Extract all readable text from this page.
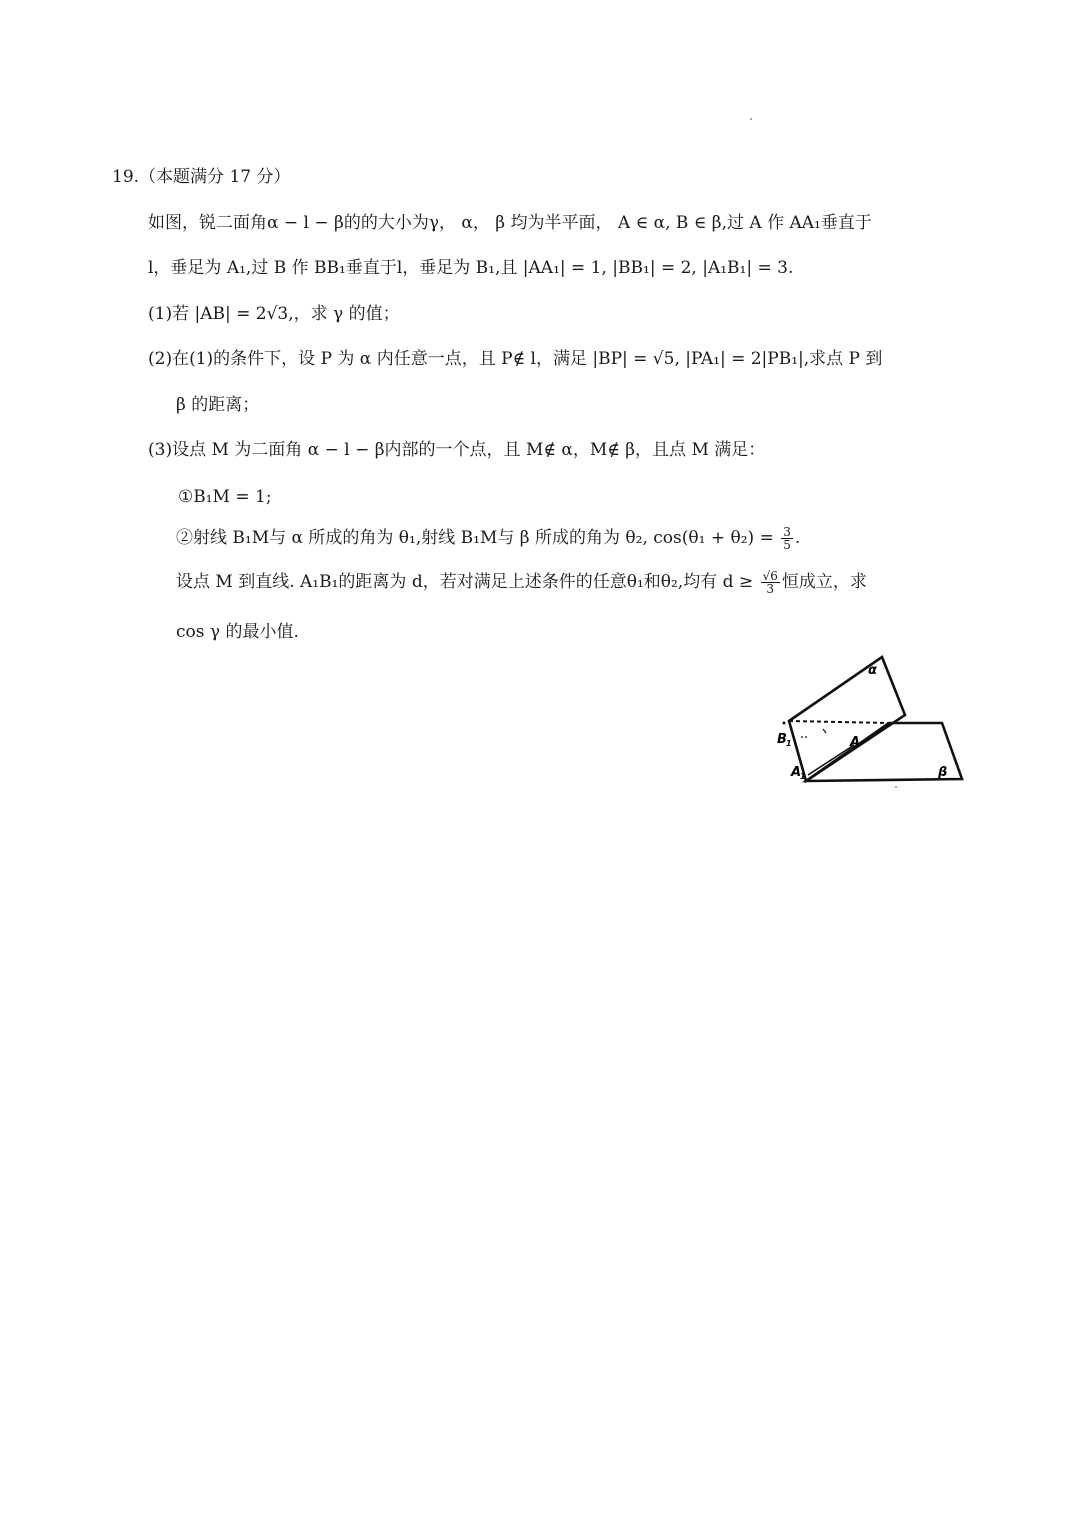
19.（本题满分 17 分）
如图，锐二面角α − l − β的的大小为γ， α， β 均为半平面， A ∈ α, B ∈ β,过 A 作 AA₁垂直于
l，垂足为 A₁,过 B 作 BB₁垂直于l，垂足为 B₁,且 |AA₁| = 1, |BB₁| = 2, |A₁B₁| = 3.
(1)若 |AB| = 2√3,，求 γ 的值；
(2)在(1)的条件下，设 P 为 α 内任意一点，且 P∉ l，满足 |BP| = √5, |PA₁| = 2|PB₁|,求点 P 到
β 的距离；
(3)设点 M 为二面角 α − l − β内部的一个点，且 M∉ α，M∉ β，且点 M 满足：
①B₁M = 1;
②射线 B₁M与 α 所成的角为 θ₁,射线 B₁M与 β 所成的角为 θ₂, $\cos(\theta_1 + \theta_2) = \frac{3}{5}$ .
设点 M 到直线. A₁B₁的距离为 d，若对满足上述条件的任意θ₁和θ₂,均有 $d \ge \frac{√6}{3}$ 恒成立，求
cos γ 的最小值.
α
β
B 1	A
A
1
